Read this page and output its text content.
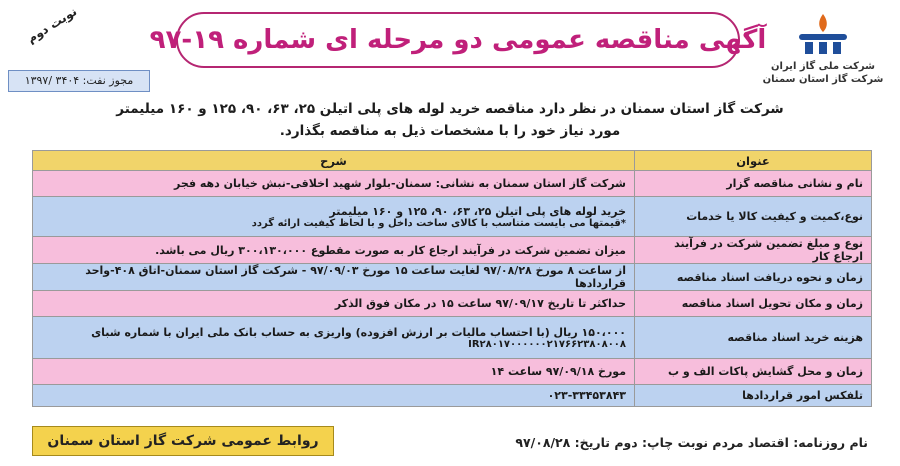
شرکت ملی گاز ایران
شرکت گاز استان سمنان
آگهی مناقصه عمومی دو مرحله ای شماره ۱۹-۹۷
نوبت دوم
مجوز نفت: ۳۴۰۴ /۱۳۹۷
شرکت گاز استان سمنان در نظر دارد مناقصه خرید لوله های پلی اتیلن ۲۵، ۶۳، ۹۰، ۱۲۵ و ۱۶۰ میلیمتر
مورد نیاز خود را با مشخصات ذیل به مناقصه بگذارد.
عنوان	شرح
نام و نشانی مناقصه گزار	شرکت گاز استان سمنان به نشانی: سمنان-بلوار شهید اخلاقی-نبش خیابان دهه فجر
نوع،کمیت و کیفیت کالا یا خدمات	خرید لوله های پلی اتیلن ۲۵، ۶۳، ۹۰، ۱۲۵ و ۱۶۰ میلیمتر
*قیمتها می بایست متناسب با کالای ساخت داخل و با لحاظ کیفیت ارائه گردد

نوع و مبلغ تضمین شرکت در فرآیند ارجاع کار	میزان تضمین شرکت در فرآیند ارجاع کار به صورت مقطوع ۳۰۰،۱۳۰،۰۰۰ ریال می باشد.
زمان و نحوه دریافت اسناد مناقصه	از ساعت ۸ مورخ ۹۷/۰۸/۲۸ لغایت ساعت ۱۵ مورخ ۹۷/۰۹/۰۳ - شرکت گاز استان سمنان-اتاق ۴۰۸-واحد قراردادها
زمان و مکان تحویل اسناد مناقصه	حداکثر تا تاریخ ۹۷/۰۹/۱۷ ساعت ۱۵ در مکان فوق الذکر
هزینه خرید اسناد مناقصه	۱۵۰،۰۰۰ ریال (با احتساب مالیات بر ارزش افزوده) واریزی به حساب بانک ملی ایران با شماره شبای
IR۲۸۰۱۷۰۰۰۰۰۰۲۱۷۶۶۲۳۸۰۸۰۰۸

زمان و محل گشایش پاکات الف و ب	مورخ ۹۷/۰۹/۱۸ ساعت ۱۴
تلفکس امور قراردادها	۰۲۳-۳۳۴۵۳۸۴۳
روابط عمومی شرکت گاز استان سمنان	نام روزنامه: اقتصاد مردم نوبت چاپ: دوم تاریخ: ۹۷/۰۸/۲۸
